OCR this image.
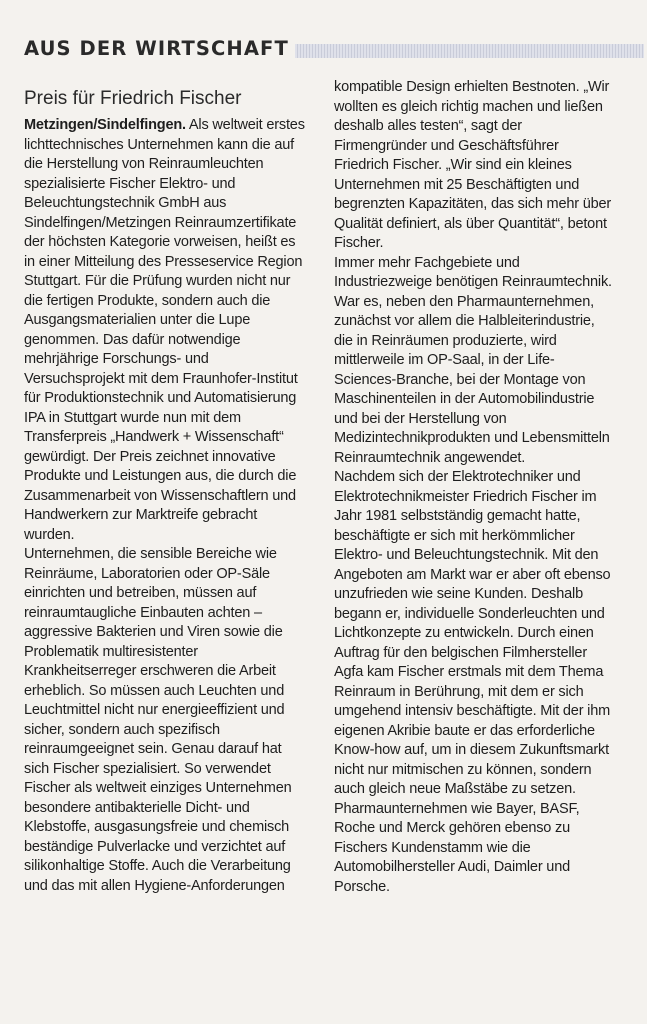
AUS DER WIRTSCHAFT
Preis für Friedrich Fischer

Metzingen/Sindelfingen. Als weltweit erstes lichttechnisches Unternehmen kann die auf die Herstellung von Reinraumleuchten spezialisierte Fischer Elektro- und Beleuchtungstechnik GmbH aus Sindelfingen/Metzingen Reinraumzertifikate der höchsten Kategorie vorweisen, heißt es in einer Mitteilung des Presseservice Region Stuttgart. Für die Prüfung wurden nicht nur die fertigen Produkte, sondern auch die Ausgangsmaterialien unter die Lupe genommen. Das dafür notwendige mehrjährige Forschungs- und Versuchsprojekt mit dem Fraunhofer-Institut für Produktionstechnik und Automatisierung IPA in Stuttgart wurde nun mit dem Transferpreis „Handwerk + Wissenschaft“ gewürdigt. Der Preis zeichnet innovative Produkte und Leistungen aus, die durch die Zusammenarbeit von Wissenschaftlern und Handwerkern zur Marktreife gebracht wurden.

Unternehmen, die sensible Bereiche wie Reinräume, Laboratorien oder OP-Säle einrichten und betreiben, müssen auf reinraumtaugliche Einbauten achten – aggressive Bakterien und Viren sowie die Problematik multiresistenter Krankheitserreger erschweren die Arbeit erheblich. So müssen auch Leuchten und Leuchtmittel nicht nur energieeffizient und sicher, sondern auch spezifisch reinraumgeeignet sein. Genau darauf hat sich Fischer spezialisiert. So verwendet Fischer als weltweit einziges Unternehmen besondere antibakterielle Dicht- und Klebstoffe, ausgasungsfreie und chemisch beständige Pulverlacke und verzichtet auf silikonhaltige Stoffe. Auch die Verarbeitung und das mit allen Hygiene-Anforderungen

kompatible Design erhielten Bestnoten. „Wir wollten es gleich richtig machen und ließen deshalb alles testen“, sagt der Firmengründer und Geschäftsführer Friedrich Fischer. „Wir sind ein kleines Unternehmen mit 25 Beschäftigten und begrenzten Kapazitäten, das sich mehr über Qualität definiert, als über Quantität“, betont Fischer.

Immer mehr Fachgebiete und Industriezweige benötigen Reinraumtechnik. War es, neben den Pharmaunternehmen, zunächst vor allem die Halbleiterindustrie, die in Reinräumen produzierte, wird mittlerweile im OP-Saal, in der Life-Sciences-Branche, bei der Montage von Maschinenteilen in der Automobilindustrie und bei der Herstellung von Medizintechnikprodukten und Lebensmitteln Reinraumtechnik angewendet.

Nachdem sich der Elektrotechniker und Elektrotechnikmeister Friedrich Fischer im Jahr 1981 selbstständig gemacht hatte, beschäftigte er sich mit herkömmlicher Elektro- und Beleuchtungstechnik. Mit den Angeboten am Markt war er aber oft ebenso unzufrieden wie seine Kunden. Deshalb begann er, individuelle Sonderleuchten und Lichtkonzepte zu entwickeln. Durch einen Auftrag für den belgischen Filmhersteller Agfa kam Fischer erstmals mit dem Thema Reinraum in Berührung, mit dem er sich umgehend intensiv beschäftigte. Mit der ihm eigenen Akribie baute er das erforderliche Know-how auf, um in diesem Zukunftsmarkt nicht nur mitmischen zu können, sondern auch gleich neue Maßstäbe zu setzen.

Pharmaunternehmen wie Bayer, BASF, Roche und Merck gehören ebenso zu Fischers Kundenstamm wie die Automobilhersteller Audi, Daimler und Porsche.
